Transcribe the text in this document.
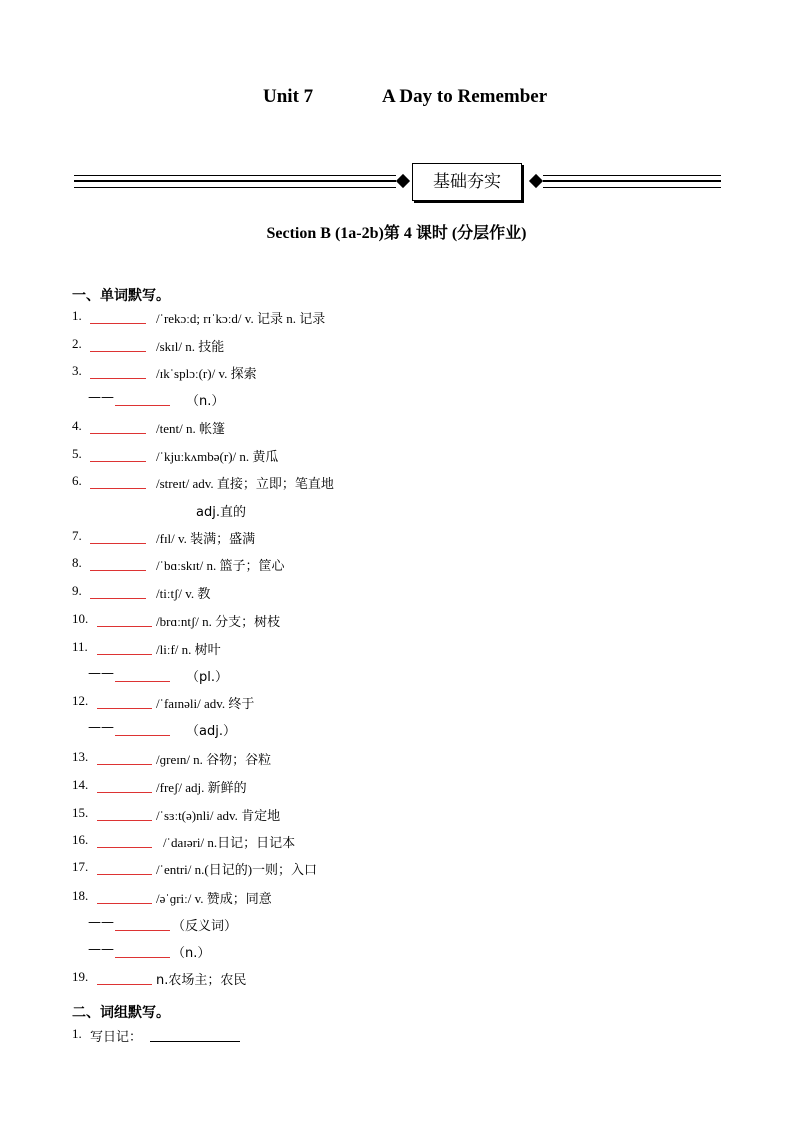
Unit 7	A Day to Remember
基础夯实
Section B (1a-2b)第 4 课时 (分层作业)
一、单词默写。
1.	/ˈrekɔːd; rɪˈkɔːd/ v. 记录 n. 记录
2.	/skɪl/ n. 技能
3.	/ɪkˈsplɔː(r)/ v. 探索
——	（n.）
4.	/tent/ n. 帐篷
5.	/ˈkjuːkʌmbə(r)/ n. 黄瓜
6.	/streɪt/ adv. 直接；立即；笔直地
adj.直的
7.	/fɪl/ v. 装满；盛满
8.	/ˈbɑːskɪt/ n. 篮子；筐心
9.	/tiːtʃ/ v. 教
10.	/brɑːntʃ/ n. 分支；树枝
11.	/liːf/ n. 树叶
——	（pl.）
12.	/ˈfaɪnəli/ adv. 终于
——	（adj.）
13.	/ɡreɪn/ n. 谷物；谷粒
14.	/freʃ/ adj. 新鲜的
15.	/ˈsɜːt(ə)nli/ adv. 肯定地
16.	/ˈdaɪəri/ n.日记；日记本
17.	/ˈentri/ n.(日记的)一则；入口
18.	/əˈɡriː/ v. 赞成；同意
——	（反义词）
——	（n.）
19.	n.农场主；农民
二、词组默写。
1. 写日记：
